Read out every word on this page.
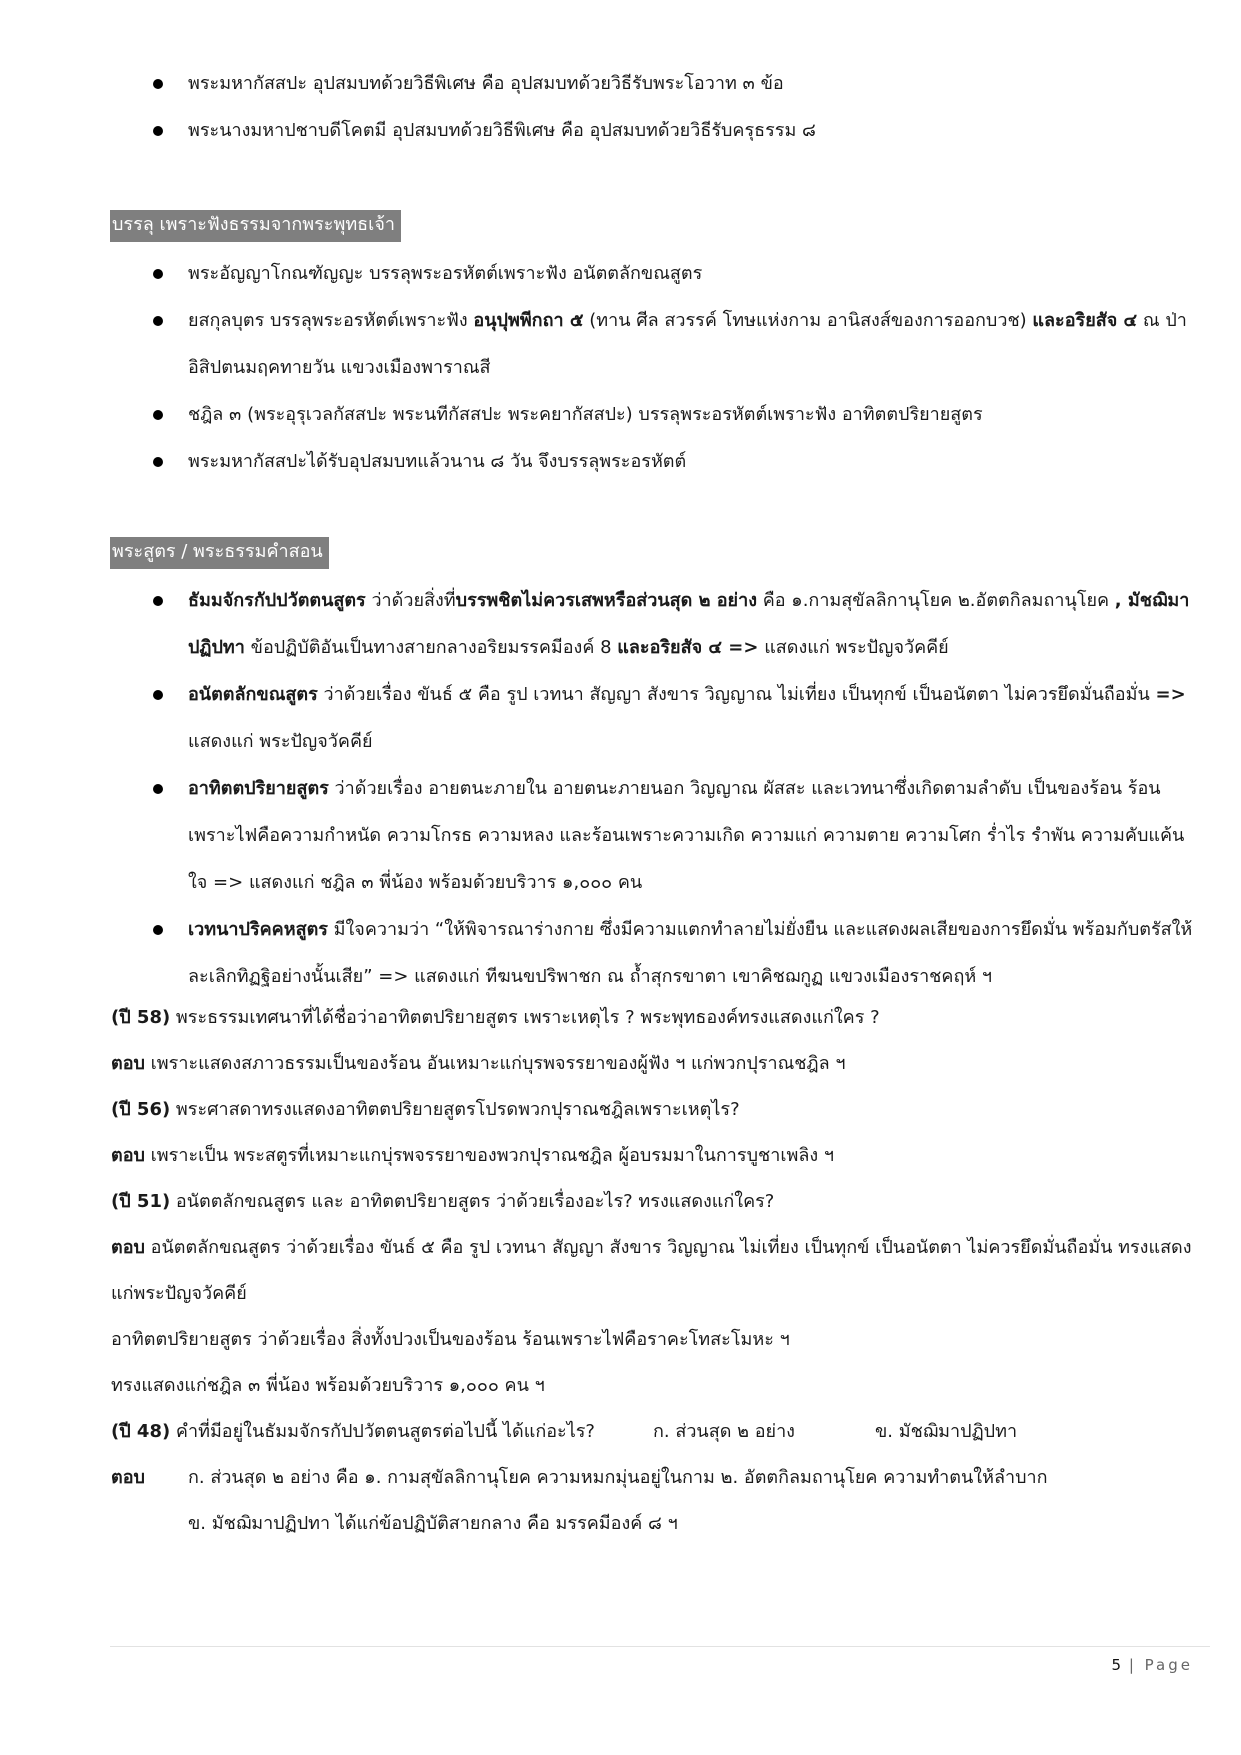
พระมหากัสสปะ อุปสมบทด้วยวิธีพิเศษ คือ อุปสมบทด้วยวิธีรับพระโอวาท ๓ ข้อ
พระนางมหาปชาบดีโคตมี อุปสมบทด้วยวิธีพิเศษ คือ อุปสมบทด้วยวิธีรับครุธรรม ๘
บรรลุ เพราะฟังธรรมจากพระพุทธเจ้า
พระอัญญาโกณฑัญญะ บรรลุพระอรหัตต์เพราะฟัง อนัตตลักขณสูตร
ยสกุลบุตร บรรลุพระอรหัตต์เพราะฟัง อนุปุพพีกถา ๕ (ทาน ศีล สวรรค์ โทษแห่งกาม อานิสงส์ของการออกบวช) และอริยสัจ ๔ ณ ป่าอิสิปตนมฤคทายวัน แขวงเมืองพาราณสี
ชฎิล ๓ (พระอุรุเวลกัสสปะ พระนทีกัสสปะ พระคยากัสสปะ) บรรลุพระอรหัตต์เพราะฟัง อาทิตตปริยายสูตร
พระมหากัสสปะได้รับอุปสมบทแล้วนาน ๘ วัน จึงบรรลุพระอรหัตต์
พระสูตร / พระธรรมคำสอน
ธัมมจักรกัปปวัตตนสูตร ว่าด้วยสิ่งที่บรรพชิตไม่ควรเสพหรือส่วนสุด ๒ อย่าง คือ ๑.กามสุขัลลิกานุโยค ๒.อัตตกิลมถานุโยค , มัชฌิมาปฏิปทา ข้อปฏิบัติอันเป็นทางสายกลางอริยมรรคมีองค์ 8 และอริยสัจ ๔ => แสดงแก่ พระปัญจวัคคีย์
อนัตตลักขณสูตร ว่าด้วยเรื่อง ขันธ์ ๕ คือ รูป เวทนา สัญญา สังขาร วิญญาณ ไม่เที่ยง เป็นทุกข์ เป็นอนัตตา ไม่ควรยึดมั่นถือมั่น => แสดงแก่ พระปัญจวัคคีย์
อาทิตตปริยายสูตร ว่าด้วยเรื่อง อายตนะภายใน อายตนะภายนอก วิญญาณ ผัสสะ และเวทนาซึ่งเกิดตามลำดับ เป็นของร้อน ร้อนเพราะไฟคือความกำหนัด ความโกรธ ความหลง และร้อนเพราะความเกิด ความแก่ ความตาย ความโศก ร่ำไร รำพัน ความคับแค้นใจ => แสดงแก่ ชฎิล ๓ พี่น้อง พร้อมด้วยบริวาร ๑,๐๐๐ คน
เวทนาปริคคหสูตร มีใจความว่า “ให้พิจารณาร่างกาย ซึ่งมีความแตกทำลายไม่ยั่งยืน และแสดงผลเสียของการยึดมั่น พร้อมกับตรัสให้ละเลิกทิฏฐิอย่างนั้นเสีย” => แสดงแก่ ทีฆนขปริพาชก ณ ถ้ำสุกรขาตา เขาคิชฌกูฏ แขวงเมืองราชคฤห์ ฯ

(ปี 58) พระธรรมเทศนาที่ได้ชื่อว่าอาทิตตปริยายสูตร เพราะเหตุไร ? พระพุทธองค์ทรงแสดงแก่ใคร ?

ตอบ เพราะแสดงสภาวธรรมเป็นของร้อน อันเหมาะแก่บุรพจรรยาของผู้ฟัง ฯ แก่พวกปุราณชฎิล ฯ

(ปี 56) พระศาสดาทรงแสดงอาทิตตปริยายสูตรโปรดพวกปุราณชฎิลเพราะเหตุไร?

ตอบ เพราะเป็น พระสตูรที่เหมาะแกบุ่รพจรรยาของพวกปุราณชฎิล ผู้อบรมมาในการบูชาเพลิง ฯ

(ปี 51) อนัตตลักขณสูตร และ อาทิตตปริยายสูตร ว่าด้วยเรื่องอะไร? ทรงแสดงแก่ใคร?

ตอบ อนัตตลักขณสูตร ว่าด้วยเรื่อง ขันธ์ ๕ คือ รูป เวทนา สัญญา สังขาร วิญญาณ ไม่เที่ยง เป็นทุกข์ เป็นอนัตตา ไม่ควรยึดมั่นถือมั่น ทรงแสดงแก่พระปัญจวัคคีย์

อาทิตตปริยายสูตร ว่าด้วยเรื่อง สิ่งทั้งปวงเป็นของร้อน ร้อนเพราะไฟคือราคะโทสะโมหะ ฯ

ทรงแสดงแก่ชฎิล ๓ พี่น้อง พร้อมด้วยบริวาร ๑,๐๐๐ คน ฯ

(ปี 48) คำที่มีอยู่ในธัมมจักรกัปปวัตตนสูตรต่อไปนี้ ได้แก่อะไร?	ก. ส่วนสุด ๒ อย่าง	ข. มัชฌิมาปฏิปทา

ตอบ	ก. ส่วนสุด ๒ อย่าง คือ ๑. กามสุขัลลิกานุโยค ความหมกมุ่นอยู่ในกาม ๒. อัตตกิลมถานุโยค ความทำตนให้ลำบาก

ข. มัชฌิมาปฏิปทา ได้แก่ข้อปฏิบัติสายกลาง คือ มรรคมีองค์ ๘ ฯ

5 | Page
